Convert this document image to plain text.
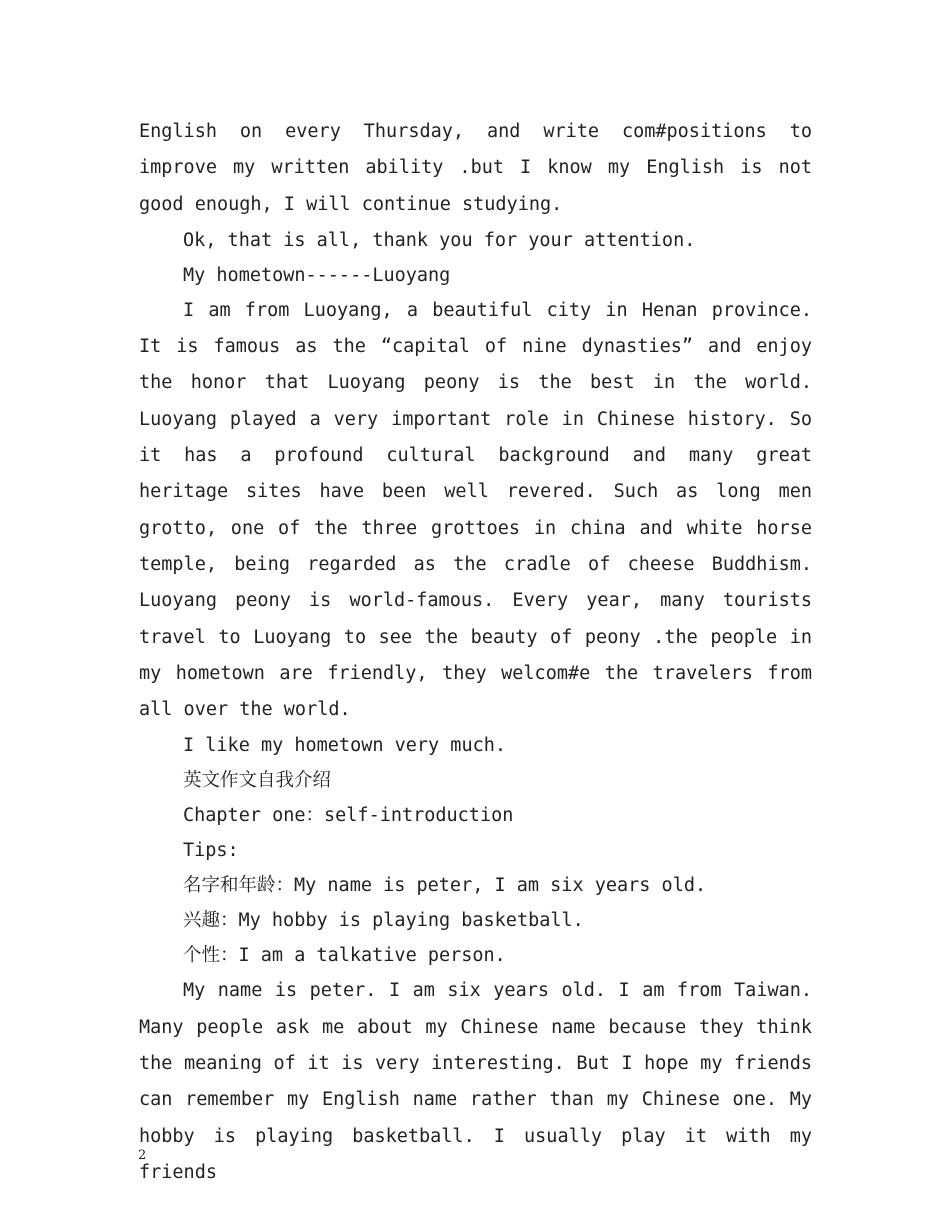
English on every Thursday, and write com#positions to improve my written ability .but I know my English is not good enough, I will continue studying.

Ok, that is all, thank you for your attention.

My hometown------Luoyang

I am from Luoyang, a beautiful city in Henan province. It is famous as the “capital of nine dynasties” and enjoy the honor that Luoyang peony is the best in the world. Luoyang played a very important role in Chinese history. So it has a profound cultural background and many great heritage sites have been well revered. Such as long men grotto, one of the three grottoes in china and white horse temple, being regarded as the cradle of cheese Buddhism. Luoyang peony is world-famous. Every year, many tourists travel to Luoyang to see the beauty of peony .the people in my hometown are friendly, they welcom#e the travelers from all over the world.

I like my hometown very much.

英文作文自我介绍

Chapter one：self-introduction

Tips:

名字和年龄：My name is peter, I am six years old.

兴趣：My hobby is playing basketball.

个性：I am a talkative person.

My name is peter. I am six years old. I am from Taiwan. Many people ask me about my Chinese name because they think the meaning of it is very interesting. But I hope my friends can remember my English name rather than my Chinese one. My hobby is playing basketball. I usually play it with my friends

2
